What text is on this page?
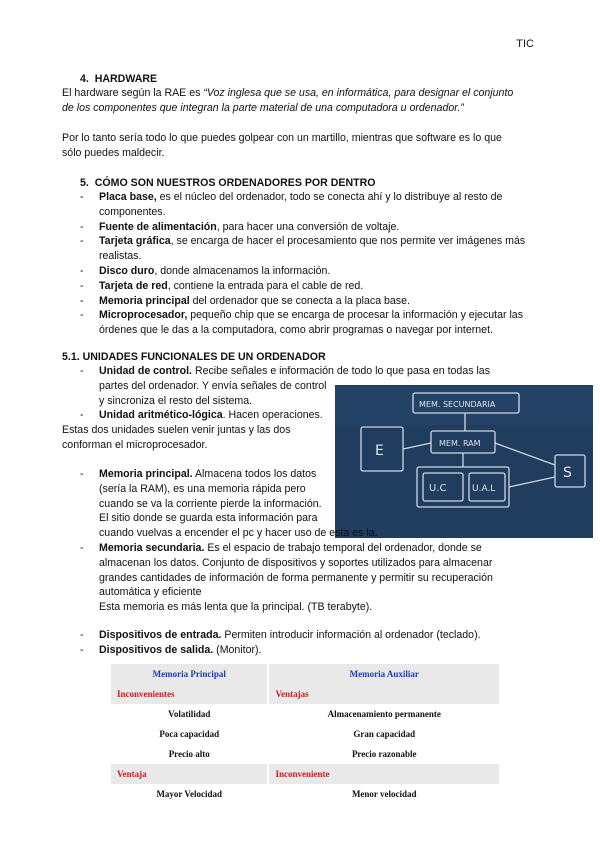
TIC
4. HARDWARE

El hardware según la RAE es “Voz inglesa que se usa, en informática, para designar el conjunto

de los componentes que integran la parte material de una computadora u ordenador.”

Por lo tanto sería todo lo que puedes golpear con un martillo, mientras que software es lo que

sólo puedes maldecir.

5. CÓMO SON NUESTROS ORDENADORES POR DENTRO
- Placa base, es el núcleo del ordenador, todo se conecta ahí y lo distribuye al resto de componentes.
- Fuente de alimentación, para hacer una conversión de voltaje.
- Tarjeta gráfica, se encarga de hacer el procesamiento que nos permite ver imágenes más realistas.
- Disco duro, donde almacenamos la información.
- Tarjeta de red, contiene la entrada para el cable de red.
- Memoria principal del ordenador que se conecta a la placa base.
- Microprocesador, pequeño chip que se encarga de procesar la información y ejecutar las órdenes que le das a la computadora, como abrir programas o navegar por internet.
5.1. UNIDADES FUNCIONALES DE UN ORDENADOR
- Unidad de control. Recibe señales e información de todo lo que pasa en todas las
partes del ordenador. Y envía señales de control
y sincroniza el resto del sistema.
- Unidad aritmético-lógica. Hacen operaciones.

Estas dos unidades suelen venir juntas y las dos

conforman el microprocesador.

MEM. SECUNDARIA
MEM. RAM
E
S
U.C	U.A.L
- Memoria principal. Almacena todos los datos
(sería la RAM), es una memoria rápida pero
cuando se va la corriente pierde la información.
El sitio donde se guarda esta información para
cuando vuelvas a encender el pc y hacer uso de esta es la.
- Memoria secundaria. Es el espacio de trabajo temporal del ordenador, donde se
almacenan los datos. Conjunto de dispositivos y soportes utilizados para almacenar
grandes cantidades de información de forma permanente y permitir su recuperación
automática y eficiente
Esta memoria es más lenta que la principal. (TB terabyte).
- Dispositivos de entrada. Permiten introducir información al ordenador (teclado).
- Dispositivos de salida. (Monitor).
Memoria Principal	Memoria Auxiliar
Inconvenientes	Ventajas
Volatilidad	Almacenamiento permanente
Poca capacidad	Gran capacidad
Precio alto	Precio razonable
Ventaja	Inconveniente
Mayor Velocidad	Menor velocidad
